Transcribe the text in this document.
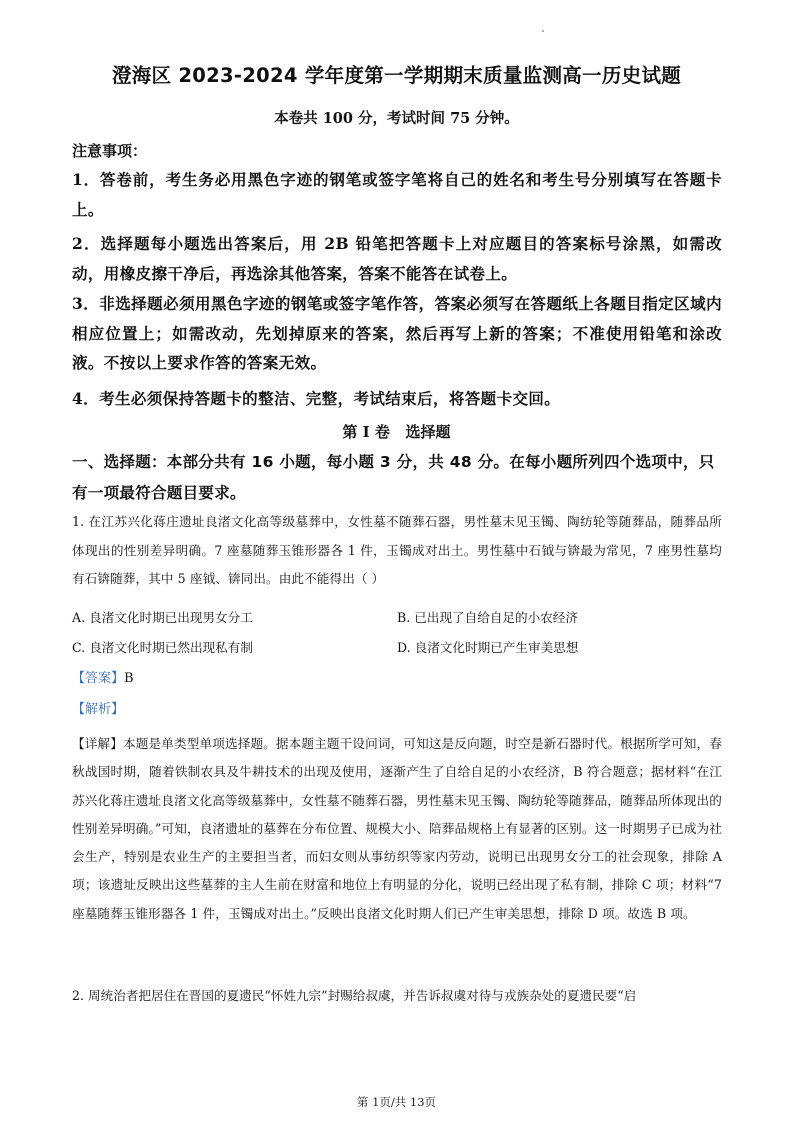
澄海区 2023-2024 学年度第一学期期末质量监测高一历史试题
本卷共 100 分，考试时间 75 分钟。
注意事项：
1．答卷前，考生务必用黑色字迹的钢笔或签字笔将自己的姓名和考生号分别填写在答题卡上。
2．选择题每小题选出答案后，用 2B 铅笔把答题卡上对应题目的答案标号涂黑，如需改动，用橡皮擦干净后，再选涂其他答案，答案不能答在试卷上。
3．非选择题必须用黑色字迹的钢笔或签字笔作答，答案必须写在答题纸上各题目指定区域内相应位置上；如需改动，先划掉原来的答案，然后再写上新的答案；不准使用铅笔和涂改液。不按以上要求作答的答案无效。
4．考生必须保持答题卡的整洁、完整，考试结束后，将答题卡交回。
第 I 卷   选择题
一、选择题：本部分共有 16 小题，每小题 3 分，共 48 分。在每小题所列四个选项中，只有一项最符合题目要求。
1. 在江苏兴化蒋庄遗址良渚文化高等级墓葬中，女性墓不随葬石器，男性墓未见玉镯、陶纺轮等随葬品，随葬品所体现出的性别差异明确。7 座墓随葬玉锥形器各 1 件，玉镯成对出土。男性墓中石钺与锛最为常见，7 座男性墓均有石锛随葬，其中 5 座钺、锛同出。由此不能得出（ ）
A. 良渚文化时期已出现男女分工	B. 已出现了自给自足的小农经济
C. 良渚文化时期已然出现私有制	D. 良渚文化时期已产生审美思想
【答案】B
【解析】
【详解】本题是单类型单项选择题。据本题主题干设问词，可知这是反向题，时空是新石器时代。根据所学可知，春秋战国时期，随着铁制农具及牛耕技术的出现及使用，逐渐产生了自给自足的小农经济，B 符合题意；据材料“在江苏兴化蒋庄遗址良渚文化高等级墓葬中，女性墓不随葬石器，男性墓未见玉镯、陶纺轮等随葬品，随葬品所体现出的性别差异明确。”可知，良渚遗址的墓葬在分布位置、规模大小、陪葬品规格上有显著的区别。这一时期男子已成为社会生产，特别是农业生产的主要担当者，而妇女则从事纺织等家内劳动，说明已出现男女分工的社会现象，排除 A 项；该遗址反映出这些墓葬的主人生前在财富和地位上有明显的分化，说明已经出现了私有制，排除 C 项；材料“7 座墓随葬玉锥形器各 1 件，玉镯成对出土。”反映出良渚文化时期人们已产生审美思想，排除 D 项。故选 B 项。
2. 周统治者把居住在晋国的夏遗民“怀姓九宗”封赐给叔虞，并告诉叔虞对待与戎族杂处的夏遗民要“启
第 1页/共 13页
